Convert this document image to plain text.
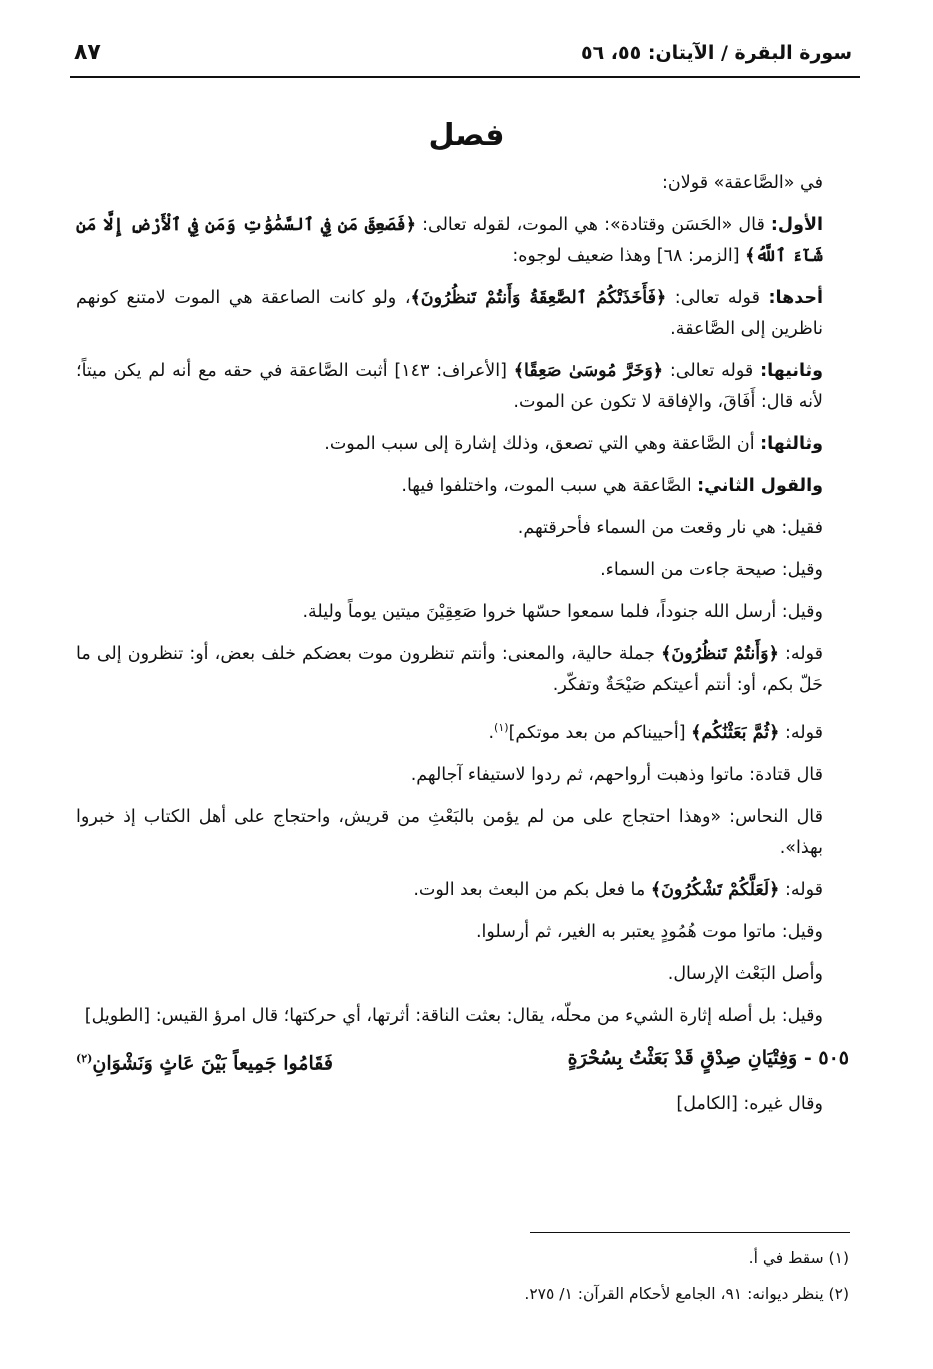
سورة البقرة / الآيتان: ٥٥، ٥٦
٨٧
فصل

في «الصَّاعقة» قولان:

الأول: قال «الحَسَن وقتادة»: هي الموت، لقوله تعالى: ﴿فَصَعِقَ مَن فِي ٱلسَّمَٰوَٰتِ وَمَن فِي ٱلْأَرْضِ إِلَّا مَن شَآءَ ٱللَّهُ﴾ [الزمر: ٦٨] وهذا ضعيف لوجوه:

أحدها: قوله تعالى: ﴿فَأَخَذَتْكُمُ ٱلصَّٰعِقَةُ وَأَنتُمْ تَنظُرُونَ﴾، ولو كانت الصاعقة هي الموت لامتنع كونهم ناظرين إلى الصَّاعقة.

وثانيها: قوله تعالى: ﴿وَخَرَّ مُوسَىٰ صَعِقًا﴾ [الأعراف: ١٤٣] أثبت الصَّاعقة في حقه مع أنه لم يكن ميتاً؛ لأنه قال: أَفَاقَ، والإفاقة لا تكون عن الموت.

وثالثها: أن الصَّاعقة وهي التي تصعق، وذلك إشارة إلى سبب الموت.

والقول الثاني: الصَّاعقة هي سبب الموت، واختلفوا فيها.

فقيل: هي نار وقعت من السماء فأحرقتهم.

وقيل: صيحة جاءت من السماء.

وقيل: أرسل الله جنوداً، فلما سمعوا حسّها خروا صَعِقِيْنَ ميتين يوماً وليلة.

قوله: ﴿وَأَنتُمْ تَنظُرُونَ﴾ جملة حالية، والمعنى: وأنتم تنظرون موت بعضكم خلف بعض، أو: تنظرون إلى ما حَلّ بكم، أو: أنتم أعيتكم صَيْحَةٌ وتفكّر.

قوله: ﴿ثُمَّ بَعَثْنَٰكُم﴾ [أحييناكم من بعد موتكم]$^{(١)}$.

قال قتادة: ماتوا وذهبت أرواحهم، ثم ردوا لاستيفاء آجالهم.

قال النحاس: «وهذا احتجاج على من لم يؤمن بالبَعْثِ من قريش، واحتجاج على أهل الكتاب إذ خبروا بهذا».

قوله: ﴿لَعَلَّكُمْ تَشْكُرُونَ﴾ ما فعل بكم من البعث بعد الوت.

وقيل: ماتوا موت هُمُودٍ يعتبر به الغير، ثم أرسلوا.

وأصل البَعْث الإرسال.

وقيل: بل أصله إثارة الشيء من محلّه، يقال: بعثت الناقة: أثرتها، أي حركتها؛ قال امرؤ القيس: [الطويل]

٥٠٥ - وَفِتْيَانِ صِدْقٍ قَدْ بَعَثْتُ بِسُحْرَةٍ
فَقَامُوا جَمِيعاً بَيْنَ عَاثٍ وَنَشْوَانِ$^{(٢)}$

وقال غيره: [الكامل]

(١) سقط في أ.

(٢) ينظر ديوانه: ٩١، الجامع لأحكام القرآن: ١/ ٢٧٥.
